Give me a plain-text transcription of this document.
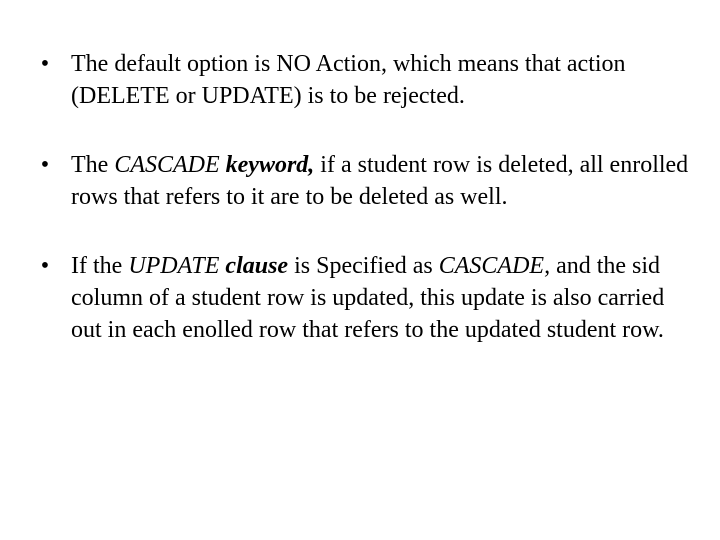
• The default option is NO Action, which means that action (DELETE or UPDATE) is to be rejected.
• The CASCADE keyword, if a student row is deleted, all enrolled rows that refers to it are to be deleted as well.
• If the UPDATE clause is Specified as CASCADE, and the sid column of a student row is updated, this update is also carried out in each enolled row that refers to the updated student row.
